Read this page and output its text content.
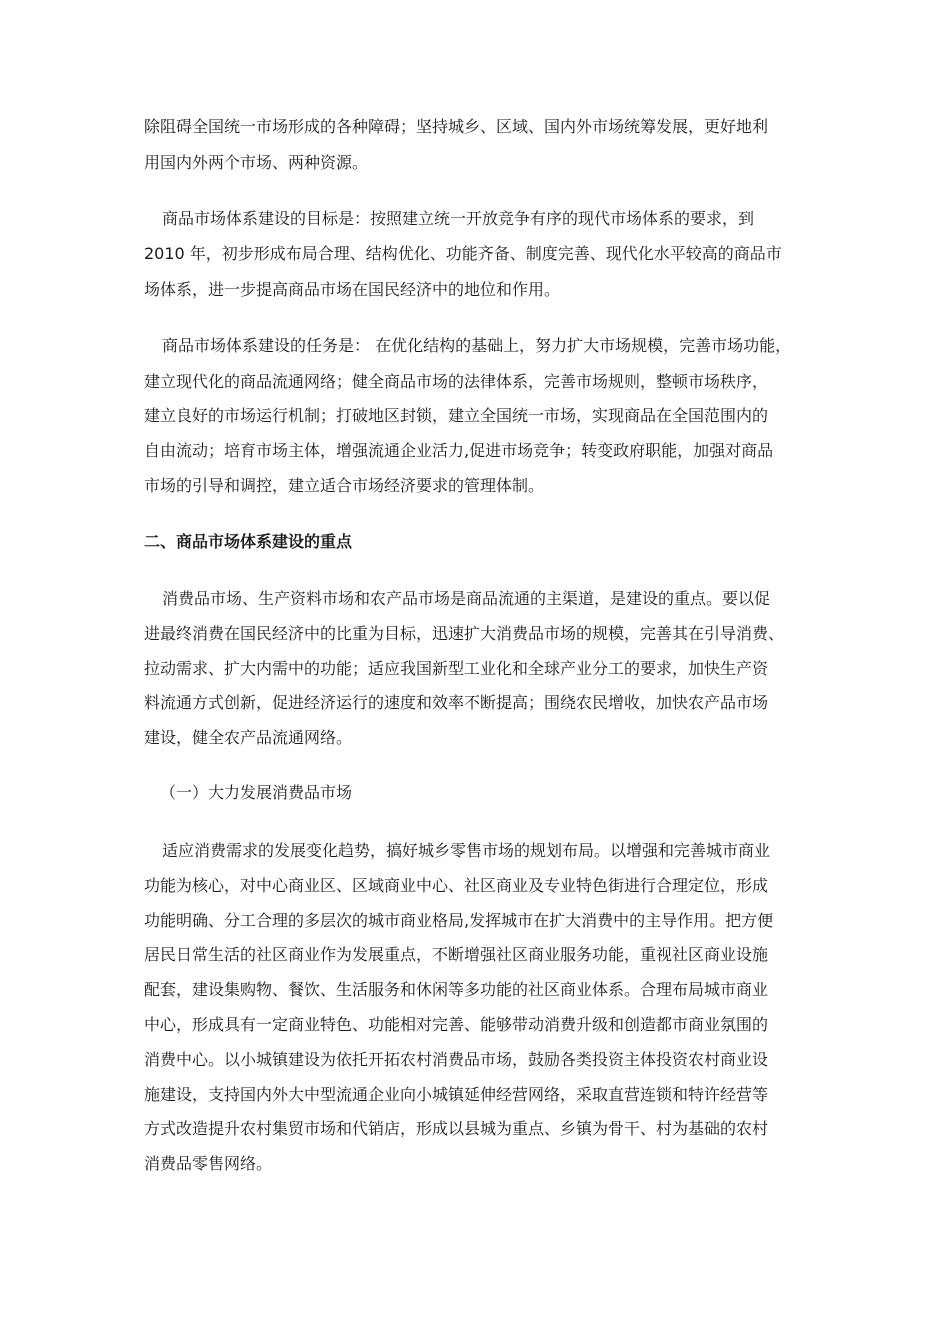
除阻碍全国统一市场形成的各种障碍；坚持城乡、区域、国内外市场统筹发展，更好地利
用国内外两个市场、两种资源。
商品市场体系建设的目标是：按照建立统一开放竞争有序的现代市场体系的要求，到
2010 年，初步形成布局合理、结构优化、功能齐备、制度完善、现代化水平较高的商品市
场体系，进一步提高商品市场在国民经济中的地位和作用。
商品市场体系建设的任务是： 在优化结构的基础上，努力扩大市场规模，完善市场功能，
建立现代化的商品流通网络；健全商品市场的法律体系，完善市场规则，整顿市场秩序，
建立良好的市场运行机制；打破地区封锁，建立全国统一市场，实现商品在全国范围内的
自由流动；培育市场主体，增强流通企业活力,促进市场竞争；转变政府职能，加强对商品
市场的引导和调控，建立适合市场经济要求的管理体制。
二、商品市场体系建设的重点
消费品市场、生产资料市场和农产品市场是商品流通的主渠道，是建设的重点。要以促
进最终消费在国民经济中的比重为目标，迅速扩大消费品市场的规模，完善其在引导消费、
拉动需求、扩大内需中的功能；适应我国新型工业化和全球产业分工的要求，加快生产资
料流通方式创新，促进经济运行的速度和效率不断提高；围绕农民增收，加快农产品市场
建设，健全农产品流通网络。
（一）大力发展消费品市场
适应消费需求的发展变化趋势，搞好城乡零售市场的规划布局。以增强和完善城市商业
功能为核心，对中心商业区、区域商业中心、社区商业及专业特色街进行合理定位，形成
功能明确、分工合理的多层次的城市商业格局,发挥城市在扩大消费中的主导作用。把方便
居民日常生活的社区商业作为发展重点，不断增强社区商业服务功能，重视社区商业设施
配套，建设集购物、餐饮、生活服务和休闲等多功能的社区商业体系。合理布局城市商业
中心，形成具有一定商业特色、功能相对完善、能够带动消费升级和创造都市商业氛围的
消费中心。以小城镇建设为依托开拓农村消费品市场，鼓励各类投资主体投资农村商业设
施建设，支持国内外大中型流通企业向小城镇延伸经营网络，采取直营连锁和特许经营等
方式改造提升农村集贸市场和代销店，形成以县城为重点、乡镇为骨干、村为基础的农村
消费品零售网络。
